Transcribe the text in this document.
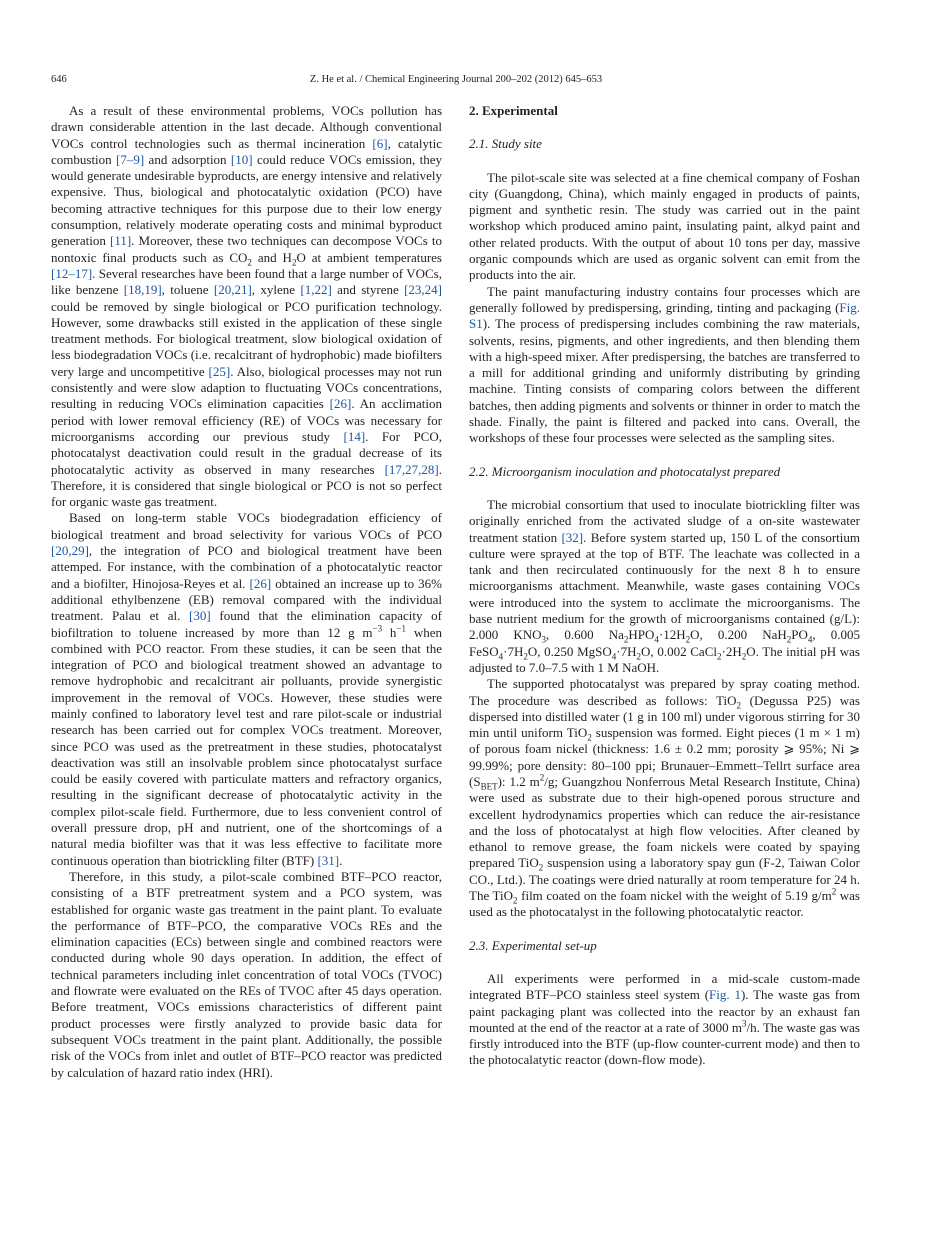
646	Z. He et al. / Chemical Engineering Journal 200–202 (2012) 645–653

As a result of these environmental problems, VOCs pollution has drawn considerable attention in the last decade. Although conventional VOCs control technologies such as thermal incineration [6], catalytic combustion [7–9] and adsorption [10] could reduce VOCs emission, they would generate undesirable byproducts, are energy intensive and relatively expensive. Thus, biological and photocatalytic oxidation (PCO) have becoming attractive techniques for this purpose due to their low energy consumption, relatively moderate operating costs and minimal byproduct generation [11]. Moreover, these two techniques can decompose VOCs to nontoxic final products such as $CO_2$ and $H_2O$ at ambient temperatures [12–17]. Several researches have been found that a large number of VOCs, like benzene [18,19], toluene [20,21], xylene [1,22] and styrene [23,24] could be removed by single biological or PCO purification technology. However, some drawbacks still existed in the application of these single treatment methods. For biological treatment, slow biological oxidation of less biodegradation VOCs (i.e. recalcitrant of hydrophobic) made biofilters very large and uncompetitive [25]. Also, biological processes may not run consistently and were slow adaption to fluctuating VOCs concentrations, resulting in reducing VOCs elimination capacities [26]. An acclimation period with lower removal efficiency (RE) of VOCs was necessary for microorganisms according our previous study [14]. For PCO, photocatalyst deactivation could result in the gradual decrease of its photocatalytic activity as observed in many researches [17,27,28]. Therefore, it is considered that single biological or PCO is not so perfect for organic waste gas treatment.

Based on long-term stable VOCs biodegradation efficiency of biological treatment and broad selectivity for various VOCs of PCO [20,29], the integration of PCO and biological treatment have been attemped. For instance, with the combination of a photocatalytic reactor and a biofilter, Hinojosa-Reyes et al. [26] obtained an increase up to 36% additional ethylbenzene (EB) removal compared with the individual treatment. Palau et al. [30] found that the elimination capacity of biofiltration to toluene increased by more than 12 g $m^{-3}$ $h^{-1}$ when combined with PCO reactor. From these studies, it can be seen that the integration of PCO and biological treatment showed an advantage to remove hydrophobic and recalcitrant air polluants, provide synergistic improvement in the removal of VOCs. However, these studies were mainly confined to laboratory level test and rare pilot-scale or industrial research has been carried out for complex VOCs treatment. Moreover, since PCO was used as the pretreatment in these studies, photocatalyst deactivation was still an insolvable problem since photocatalyst surface could be easily covered with particulate matters and refractory organics, resulting in the significant decrease of photocatalytic activity in the complex pilot-scale field. Furthermore, due to less convenient control of overall pressure drop, pH and nutrient, one of the shortcomings of a natural media biofilter was that it was less effective to facilitate more continuous operation than biotrickling filter (BTF) [31].

Therefore, in this study, a pilot-scale combined BTF–PCO reactor, consisting of a BTF pretreatment system and a PCO system, was established for organic waste gas treatment in the paint plant. To evaluate the performance of BTF–PCO, the comparative VOCs REs and the elimination capacities (ECs) between single and combined reactors were conducted during whole 90 days operation. In addition, the effect of technical parameters including inlet concentration of total VOCs (TVOC) and flowrate were evaluated on the REs of TVOC after 45 days operation. Before treatment, VOCs emissions characteristics of different paint product processes were firstly analyzed to provide basic data for subsequent VOCs treatment in the paint plant. Additionally, the possible risk of the VOCs from inlet and outlet of BTF–PCO reactor was predicted by calculation of hazard ratio index (HRI).

2. Experimental
2.1. Study site

The pilot-scale site was selected at a fine chemical company of Foshan city (Guangdong, China), which mainly engaged in products of paints, pigment and synthetic resin. The study was carried out in the paint workshop which produced amino paint, insulating paint, alkyd paint and other related products. With the output of about 10 tons per day, massive organic compounds which are used as organic solvent can emit from the products into the air.

The paint manufacturing industry contains four processes which are generally followed by predispersing, grinding, tinting and packaging (Fig. S1). The process of predispersing includes combining the raw materials, solvents, resins, pigments, and other ingredients, and then blending them with a high-speed mixer. After predispersing, the batches are transferred to a mill for additional grinding and uniformly distributing by grinding machine. Tinting consists of comparing colors between the different batches, then adding pigments and solvents or thinner in order to match the shade. Finally, the paint is filtered and packed into cans. Overall, the workshops of these four processes were selected as the sampling sites.

2.2. Microorganism inoculation and photocatalyst prepared

The microbial consortium that used to inoculate biotrickling filter was originally enriched from the activated sludge of a on-site wastewater treatment station [32]. Before system started up, 150 L of the consortium culture were sprayed at the top of BTF. The leachate was collected in a tank and then recirculated continuously for the next 8 h to ensure microorganisms attachment. Meanwhile, waste gases containing VOCs were introduced into the system to acclimate the microorganisms. The base nutrient medium for the growth of microorganisms contained (g/L): 2.000 $KNO_3$, 0.600 $Na_2HPO_4\cdot 12H_2O$, 0.200 $NaH_2PO_4$, 0.005 $FeSO_4\cdot 7H_2O$, 0.250 $MgSO_4\cdot 7H_2O$, 0.002 $CaCl_2\cdot 2H_2O$. The initial pH was adjusted to 7.0–7.5 with 1 M NaOH.

The supported photocatalyst was prepared by spray coating method. The procedure was described as follows: TiO$_2$ (Degussa P25) was dispersed into distilled water (1 g in 100 ml) under vigorous stirring for 30 min until uniform TiO$_2$ suspension was formed. Eight pieces (1 m × 1 m) of porous foam nickel (thickness: 1.6 ± 0.2 mm; porosity ⩾ 95%; Ni ⩾ 99.99%; pore density: 80–100 ppi; Brunauer–Emmett–Tellrt surface area $(S_{BET})$: 1.2 $m^2/g$; Guangzhou Nonferrous Metal Research Institute, China) were used as substrate due to their high-opened porous structure and excellent hydrodynamics properties which can reduce the air-resistance and the loss of photocatalyst at high flow velocities. After cleaned by ethanol to remove grease, the foam nickels were coated by spaying prepared TiO$_2$ suspension using a laboratory spay gun (F-2, Taiwan Color CO., Ltd.). The coatings were dried naturally at room temperature for 24 h. The TiO$_2$ film coated on the foam nickel with the weight of 5.19 $g/m^2$ was used as the photocatalyst in the following photocatalytic reactor.

2.3. Experimental set-up

All experiments were performed in a mid-scale custom-made integrated BTF–PCO stainless steel system (Fig. 1). The waste gas from paint packaging plant was collected into the reactor by an exhaust fan mounted at the end of the reactor at a rate of 3000 $m^3/h$. The waste gas was firstly introduced into the BTF (up-flow counter-current mode) and then to the photocalatytic reactor (down-flow mode).
